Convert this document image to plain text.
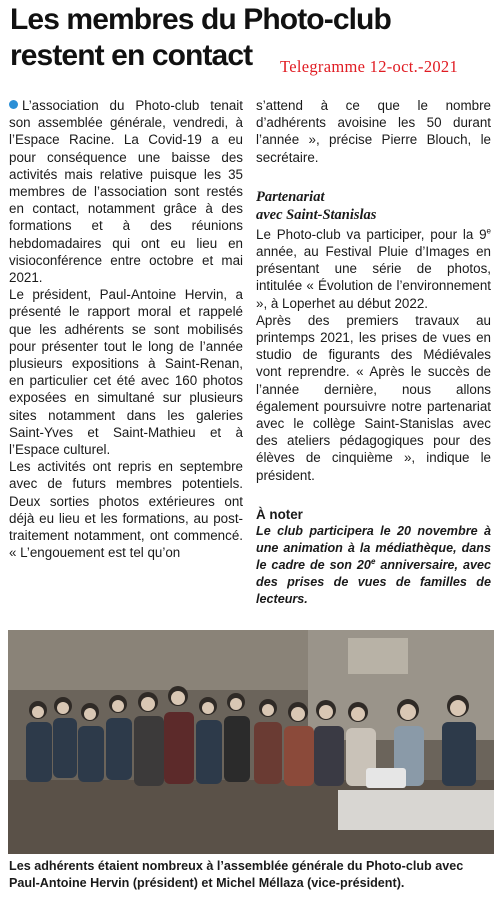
Les membres du Photo-club
restent en contact	Telegramme 12-oct.-2021

L’association du Photo-club tenait son assemblée générale, vendredi, à l’Espace Racine. La Covid-19 a eu pour conséquence une baisse des activités mais relative puisque les 35 membres de l’association sont restés en contact, notamment grâce à des formations et à des réunions hebdomadaires qui ont eu lieu en visioconférence entre octobre et mai 2021.

Le président, Paul-Antoine Hervin, a présenté le rapport moral et rappelé que les adhérents se sont mobilisés pour présenter tout le long de l’année plusieurs expositions à Saint-Renan, en particulier cet été avec 160 photos exposées en simultané sur plusieurs sites notamment dans les galeries Saint-Yves et Saint-Mathieu et à l’Espace culturel.

Les activités ont repris en septembre avec de futurs membres potentiels. Deux sorties photos extérieures ont déjà eu lieu et les formations, au post-traitement notamment, ont commencé. « L’engouement est tel qu’on

s’attend à ce que le nombre d’adhérents avoisine les 50 durant l’année », précise Pierre Blouch, le secrétaire.

Partenariat
avec Saint-Stanislas

Le Photo-club va participer, pour la 9e année, au Festival Pluie d’Images en présentant une série de photos, intitulée « Évolution de l’environnement », à Loperhet au début 2022.

Après des premiers travaux au printemps 2021, les prises de vues en studio de figurants des Médiévales vont reprendre. « Après le succès de l’année dernière, nous allons également poursuivre notre partenariat avec le collège Saint-Stanislas avec des ateliers pédagogiques pour des élèves de cinquième », indique le président.

À noter
Le club participera le 20 novembre à une animation à la médiathèque, dans le cadre de son 20e anniversaire, avec des prises de vues de familles de lecteurs.
Les adhérents étaient nombreux à l’assemblée générale du Photo-club avec Paul-Antoine Hervin (président) et Michel Méllaza (vice-président).
